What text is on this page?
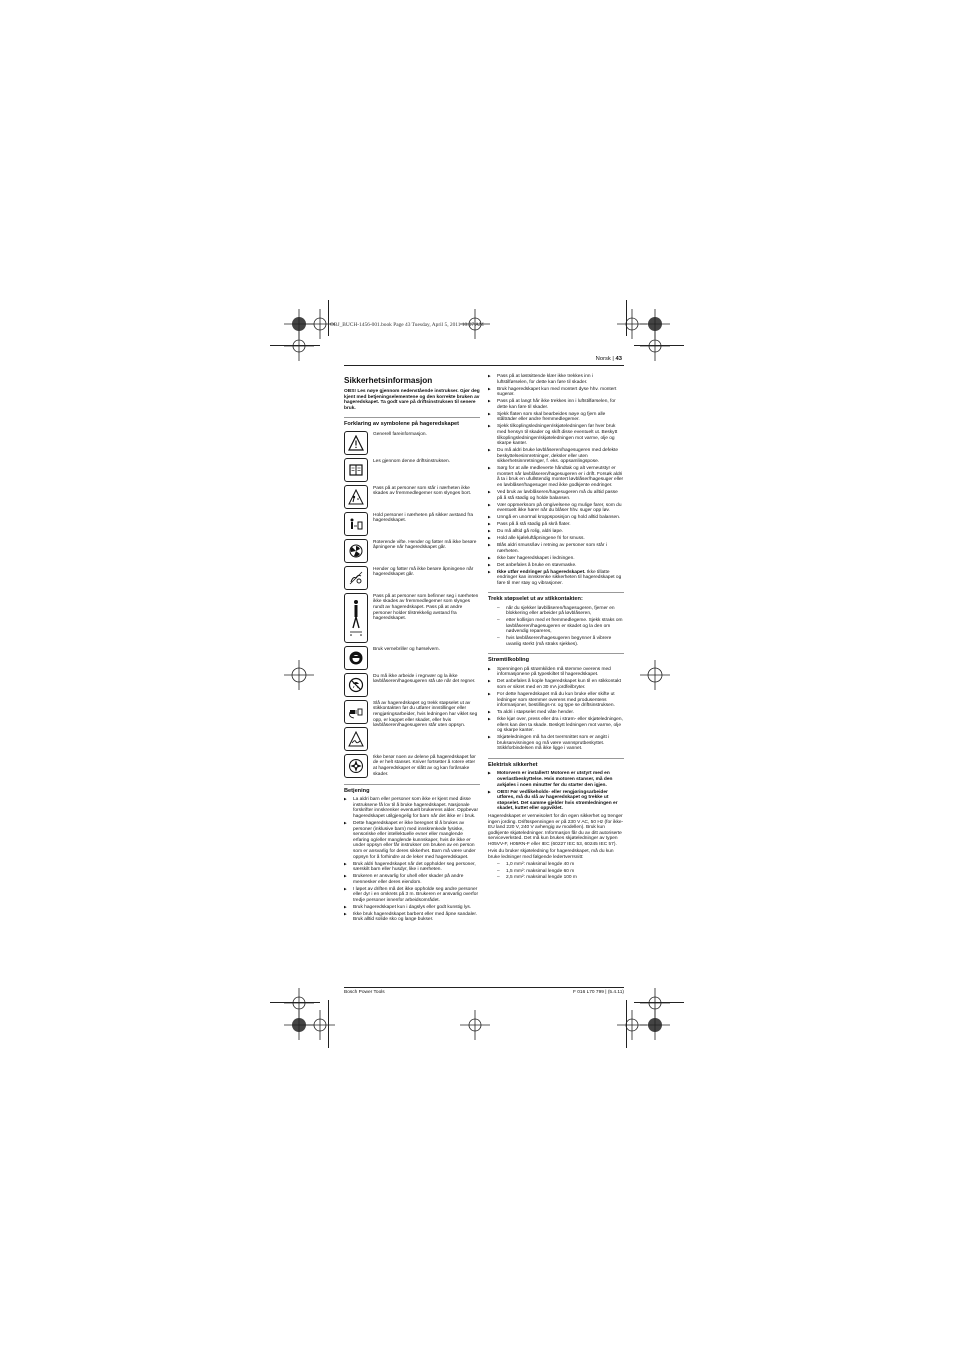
OBJ_BUCH-1456-001.book Page 43 Tuesday, April 5, 2011 10:07 AM
Norsk | 43
Sikkerhetsinformasjon

OBS! Les nøye gjennom nedenstående instrukser. Gjør deg kjent med betjeningselementene og den korrekte bruken av hageredskapet. Ta godt vare på driftsinstruksen til senere bruk.

Forklaring av symbolene på hageredskapet
Generell fareinformasjon.
Les gjennom denne driftsinstruksen.
Pass på at personer som står i nærheten ikke skades av fremmedlegemer som slynges bort.
Hold personer i nærheten på sikker avstand fra hageredskapet.
Roterende vifte. Hender og føtter må ikke berøre åpningene når hageredskapet går.
Hender og føtter må ikke berøre åpningene når hageredskapet går.
Pass på at personer som befinner seg i nærheten ikke skades av fremmedlegemer som slynges rundt av hageredskapet. Pass på at andre personer holder tilstrekkelig avstand fra hageredskapet.
Bruk vernebriller og hørselvern.
Du må ikke arbeide i regnvær og la ikke løvblåseren/hagesugeren stå ute når det regner.
Slå av hageredskapet og trekk støpselet ut av stikkontakten før du utfører innstillinger eller rengjøringsarbeider, hvis ledningen har viklet seg opp, er kappet eller skadet, eller hvis løvblåseren/hagesugeren står uten oppsyn.
Ikke berør noen av delene på hageredskapet før de er helt stanset. Kniver fortsetter å rotere etter at hageredskapet er slått av og kan forårsake skader.
Betjening
▶ La aldri barn eller personer som ikke er kjent med disse instruksene få lov til å bruke hageredskapet. Nasjonale forskrifter innskrenker eventuelt brukerens alder. Oppbevar hageredskapet utilgjengelig for barn når det ikke er i bruk.
▶ Dette hageredskapet er ikke beregnet til å brukes av personer (inklusive barn) med innskrenkede fysiske, sensoriske eller intellektuelle evner eller manglende erfaring og/eller manglende kunnskaper, hvis de ikke er under oppsyn eller får instrukser om bruken av en person som er ansvarlig for deres sikkerhet. Barn må være under oppsyn for å forhindre at de leker med hageredskapet.
▶ Bruk aldri hageredskapet når det oppholder seg personer, særskilt barn eller husdyr, like i nærheten.
▶ Brukeren er ansvarlig for uhell eller skader på andre mennesker eller deres eiendom.
▶ I løpet av driften må det ikke oppholde seg andre personer eller dyr i en omkrets på 3 m. Brukeren er ansvarlig overfor tredje personer innenfor arbeidsområdet.
▶ Bruk hageredskapet kun i dagslys eller godt kunstig lys.
▶ Ikke bruk hageredskapet barbent eller med åpne sandaler. Bruk alltid solide sko og lange bukser.
▶ Pass på at løstsittende klær ikke trekkes inn i luftstilførselen, for dette kan føre til skader.
▶ Bruk hageredskapet kun med montert dyse hhv. montert sugerør.
▶ Pass på at langt hår ikke trekkes inn i luftstilførselen, for dette kan føre til skader.
▶ Sjekk flaten som skal bearbeides nøye og fjern alle stålträder eller andre fremmedlegemer.
▶ Sjekk tilkoplingsledningen/skjøteledningen før hver bruk med hensyn til skader og skift disse eventuelt ut. Beskytt tilkoplingsledningen/skjøteledningen mot varme, olje og skarpe kanter.
▶ Du må aldri bruke løvblåseren/hagesugeren med defekte beskyttelsesinnretninger, deksler eller uten sikkerhetsinnretninger, f. eks. oppsamlingspose.
▶ Sørg for at alle medleverte håndtak og alt verneutstyr er montert når løvblåseren/hagesugeren er i drift. Forsøk aldri å ta i bruk en ufullstendig montert løvblåser/hagesuger eller en løvblåser/hagesuger med ikke godkjente endringer.
▶ Ved bruk av løvblåseren/hagesugeren må du alltid passe på å stå stødig og holde balansen.
▶ Vær oppmerksom på omgivelsene og mulige farer, som du eventuelt ikke hører når du blåser hhv. suger opp løv.
▶ Unngå en unormal kroppsposisjon og hold alltid balansen.
▶ Pass på å stå stødig på skrå flater.
▶ Du må alltid gå rolig, aldri løpe.
▶ Hold alle kjøleluftåpningene fri for smuss.
▶ Blås aldri smuss/løv i retning av personer som står i nærheten.
▶ Ikke bær hageredskapet i ledningen.
▶ Det anbefales å bruke en støvmaske.
▶ Ikke utfør endringer på hageredskapet. Ikke tillatte endringer kan innskrenke sikkerheten til hageredskapet og føre til mer støy og vibrasjoner.
Trekk støpselet ut av stikkontakten:
– når du sjekker løvblåseren/hagesugeren, fjerner en blokkering eller arbeider på løvblåseren,
– etter kollisjon med et fremmedlegeme. Sjekk straks om løvblåseren/hagesugeren er skadet og la den om nødvendig repareres,
– hvis løvblåseren/hagesugeren begynner å vibrere uvanlig sterkt (må straks sjekkes).
Strømtilkobling
▶ Spenningen på strømkilden må stemme overens med informasjonene på typeskiltet til hageredskapet.
▶ Det anbefales å kople hageredskapet kun til en stikkontakt som er sikret med en 30 mA jordfeilbryter.
▶ For dette hageredskapet må du kun bruke eller skifte ut ledninger som stemmer overens med produsentens informasjoner, bestillings-nr. og type se driftsinstruksen.
▶ Ta aldri i støpselet med våte hender.
▶ Ikke kjør over, press eller dra i strøm- eller skjøteledningen, ellers kan den ta skade. Beskytt ledningen mot varme, olje og skarpe kanter.
▶ Skjøteledningen må ha det tverrsnittet som er angitt i bruksanvisningen og må være vannsprutbeskyttet. Stikkforbindelsen må ikke ligge i vannet.
Elektrisk sikkerhet
▶ Motorvern er installert! Motoren er utstyrt med en overlastbeskyttelse. Hvis motoren stanser, må den avkjøles i noen minutter før du starter den igjen.
▶ OBS! Før vedlikeholds- eller rengjøringsarbeider utføres, må du slå av hageredskapet og trekke ut støpselet. Det samme gjelder hvis strømledningen er skadet, kuttet eller oppviklet.

Hageredskapet er verneisolert for din egen sikkerhet og trenger ingen jording. Driftsspenningen er på 230 V AC, 50 Hz (for ikke-EU land 220 V, 240 V avhengig av modellen). Bruk kun godkjente skjøteledninger. Informasjon får du av ditt autoriserte serviceverksted. Det må kun brukes skjøteledninger av typen H05VV-F, H05RN-F eller IEC (60227 IEC 53, 60245 IEC 57).

Hvis du bruker skjøteledning for hageredskapet, må du kun bruke ledninger med følgende ledertverrsnitt:

– 1,0 mm²: maksimal lengde 40 m
– 1,5 mm²: maksimal lengde 60 m
– 2,5 mm²: maksimal lengde 100 m
Bosch Power Tools	F 016 L70 799 | (5.4.11)
